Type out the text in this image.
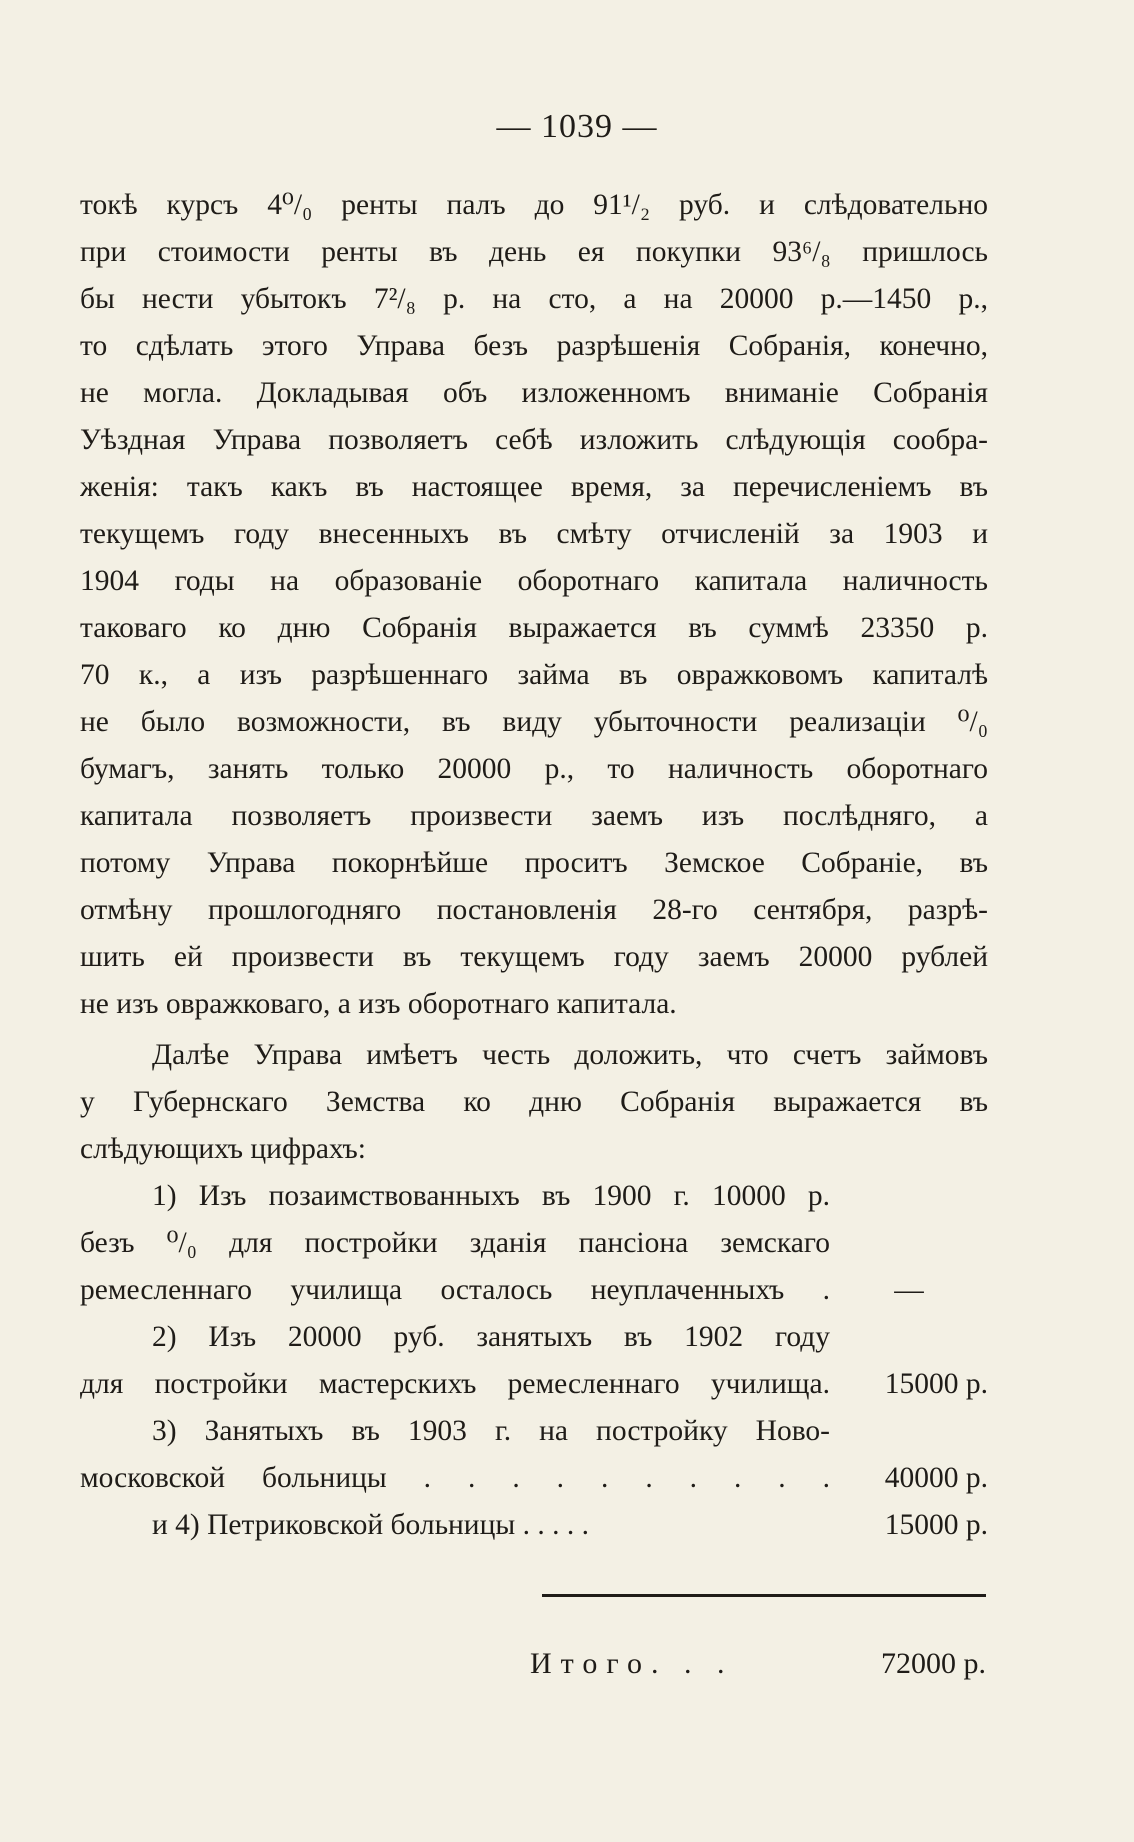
— 1039 —
токѣ курсъ 4⁰/₀ ренты палъ до 91¹/₂ руб. и слѣдовательно
при стоимости ренты въ день ея покупки 93⁶/₈ пришлось
бы нести убытокъ 7²/₈ р. на сто, а на 20000 р.—1450 р.,
то сдѣлать этого Управа безъ разрѣшенія Собранія, конечно,
не могла. Докладывая объ изложенномъ вниманіе Собранія
Уѣздная Управа позволяетъ себѣ изложить слѣдующія сообра-
женія: такъ какъ въ настоящее время, за перечисленіемъ въ
текущемъ году внесенныхъ въ смѣту отчисленій за 1903 и
1904 годы на образованіе оборотнаго капитала наличность
таковаго ко дню Собранія выражается въ суммѣ 23350 р.
70 к., а изъ разрѣшеннаго займа въ овражковомъ капиталѣ
не было возможности, въ виду убыточности реализаціи ⁰/₀
бумагъ, занять только 20000 р., то наличность оборотнаго
капитала позволяетъ произвести заемъ изъ послѣдняго, а
потому Управа покорнѣйше проситъ Земское Собраніе, въ
отмѣну прошлогодняго постановленія 28-го сентября, разрѣ-
шить ей произвести въ текущемъ году заемъ 20000 рублей
не изъ овражковаго, а изъ оборотнаго капитала.
Далѣе Управа имѣетъ честь доложить, что счетъ займовъ
у Губернскаго Земства ко дню Собранія выражается въ
слѣдующихъ цифрахъ:
1) Изъ позаимствованныхъ въ 1900 г. 10000 р.
безъ ⁰/₀ для постройки зданія пансіона земскаго
ремесленнаго училища осталось неуплаченныхъ .	—
2) Изъ 20000 руб. занятыхъ въ 1902 году
для постройки мастерскихъ ремесленнаго училища.	15000 р.
3) Занятыхъ въ 1903 г. на постройку Ново-
московской больницы . . . . . . . . . .	40000 р.
и 4) Петриковской больницы . . . . .	15000 р.
Итого. . .	72000 р.
